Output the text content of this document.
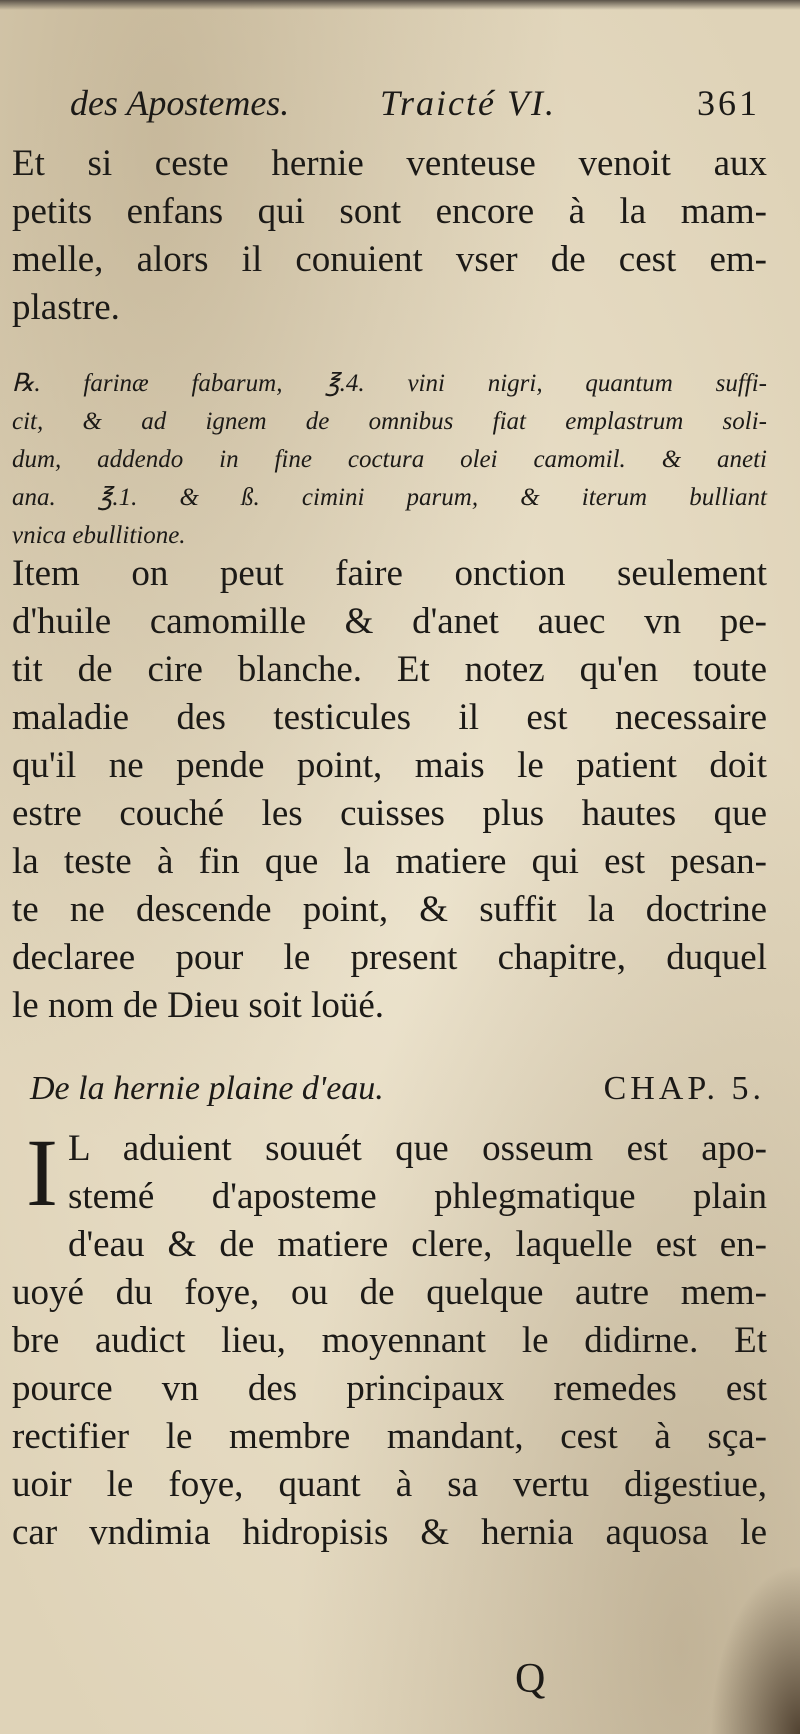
des Apostemes.	Traicté VI.	361
Et si ceste hernie venteuse venoit aux
petits enfans qui sont encore à la mam-
melle, alors il conuient vser de cest em-
plastre.
℞. farinæ fabarum, ℥.4. vini nigri, quantum suffi-
cit, & ad ignem de omnibus fiat emplastrum soli-
dum, addendo in fine coctura olei camomil. & aneti
ana. ℥.1. & ß. cimini parum, & iterum bulliant
vnica ebullitione.
Item on peut faire onction seulement
d'huile camomille & d'anet auec vn pe-
tit de cire blanche. Et notez qu'en toute
maladie des testicules il est necessaire
qu'il ne pende point, mais le patient doit
estre couché les cuisses plus hautes que
la teste à fin que la matiere qui est pesan-
te ne descende point, & suffit la doctrine
declaree pour le present chapitre, duquel
le nom de Dieu soit loüé.
De la hernie plaine d'eau.	CHAP. 5.
I L aduient souuét que osseum est apo-
stemé d'aposteme phlegmatique plain
d'eau & de matiere clere, laquelle est en-
uoyé du foye, ou de quelque autre mem-
bre audict lieu, moyennant le didirne. Et
pource vn des principaux remedes est
rectifier le membre mandant, cest à sça-
uoir le foye, quant à sa vertu digestiue,
car vndimia hidropisis & hernia aquosa le
Q
